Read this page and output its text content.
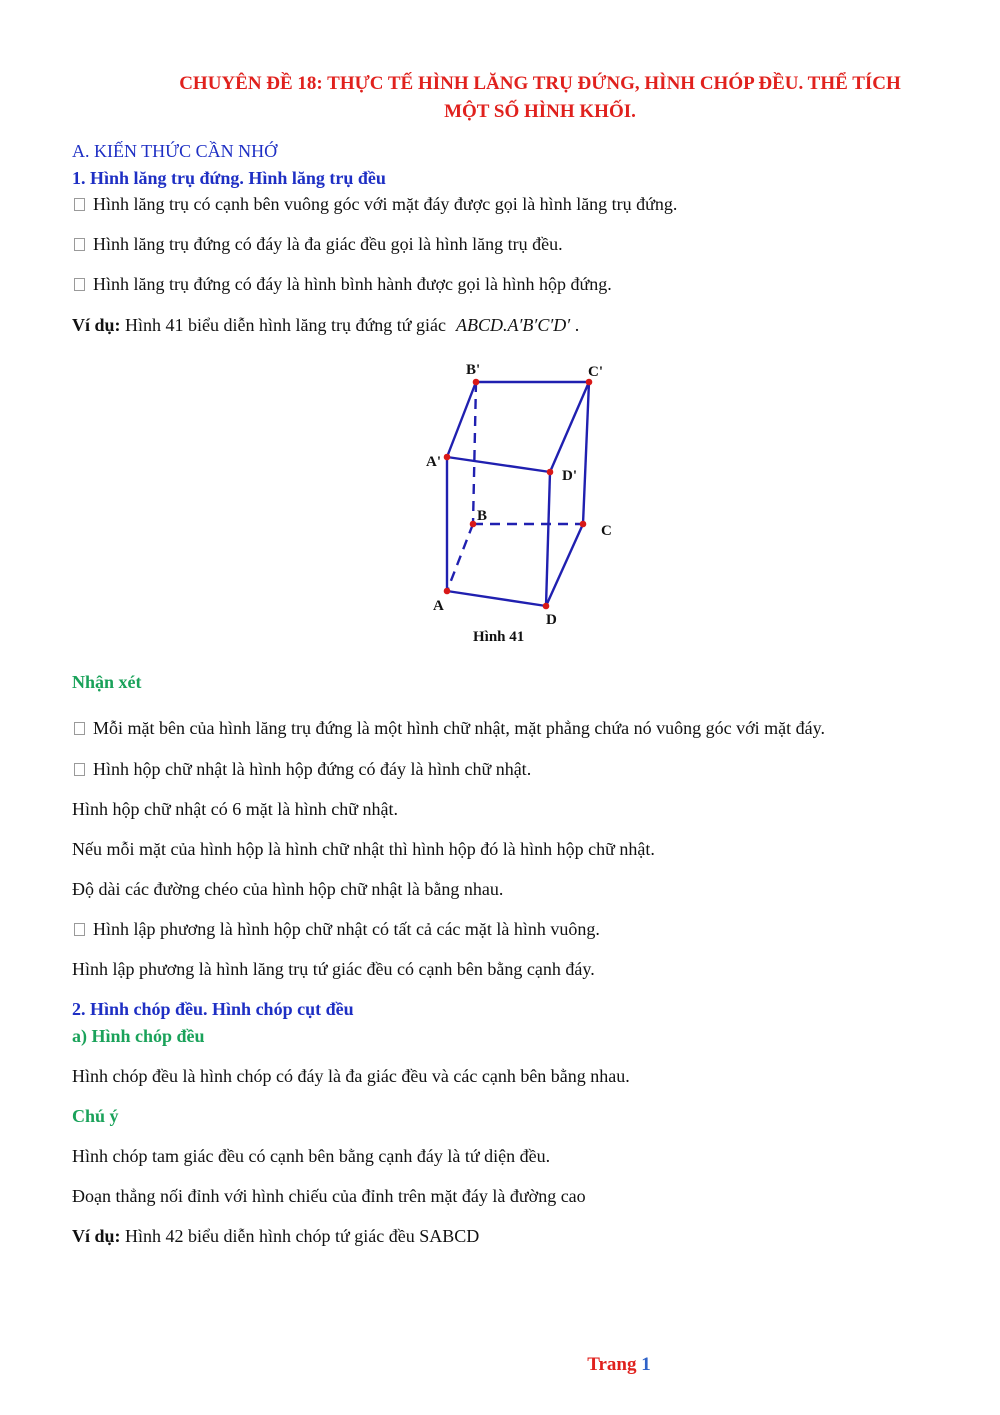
CHUYÊN ĐỀ 18: THỰC TẾ HÌNH LĂNG TRỤ ĐỨNG, HÌNH CHÓP ĐỀU. THỂ TÍCH
MỘT SỐ HÌNH KHỐI.
A. KIẾN THỨC CẦN NHỚ
1. Hình lăng trụ đứng. Hình lăng trụ đều
Hình lăng trụ có cạnh bên vuông góc với mặt đáy được gọi là hình lăng trụ đứng.
Hình lăng trụ đứng có đáy là đa giác đều gọi là hình lăng trụ đều.
Hình lăng trụ đứng có đáy là hình bình hành được gọi là hình hộp đứng.
Ví dụ: Hình 41 biểu diễn hình lăng trụ đứng tứ giác ABCD.A′B′C′D′ .
B'	C'
A'
D'
B
C
A
D
Hình 41
Nhận xét
Mỗi mặt bên của hình lăng trụ đứng là một hình chữ nhật, mặt phẳng chứa nó vuông góc với mặt đáy.
Hình hộp chữ nhật là hình hộp đứng có đáy là hình chữ nhật.
Hình hộp chữ nhật có 6 mặt là hình chữ nhật.
Nếu mỗi mặt của hình hộp là hình chữ nhật thì hình hộp đó là hình hộp chữ nhật.
Độ dài các đường chéo của hình hộp chữ nhật là bằng nhau.
Hình lập phương là hình hộp chữ nhật có tất cả các mặt là hình vuông.
Hình lập phương là hình lăng trụ tứ giác đều có cạnh bên bằng cạnh đáy.
2. Hình chóp đều. Hình chóp cụt đều
a) Hình chóp đều
Hình chóp đều là hình chóp có đáy là đa giác đều và các cạnh bên bằng nhau.
Chú ý
Hình chóp tam giác đều có cạnh bên bằng cạnh đáy là tứ diện đều.
Đoạn thẳng nối đỉnh với hình chiếu của đỉnh trên mặt đáy là đường cao
Ví dụ: Hình 42 biểu diễn hình chóp tứ giác đều SABCD
Trang 1
